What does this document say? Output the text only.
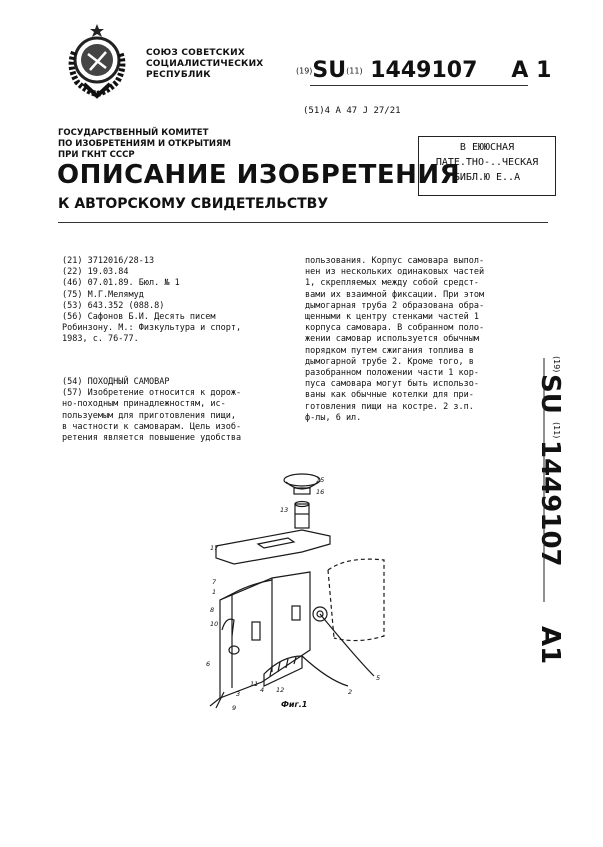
СОЮЗ СОВЕТСКИХ
СОЦИАЛИСТИЧЕСКИХ
РЕСПУБЛИК	(19)SU(11) 1449107 A 1
(51)4 A 47 J 27/21
ГОСУДАРСТВЕННЫЙ КОМИТЕТ
ПО ИЗОБРЕТЕНИЯМ И ОТКРЫТИЯМ
ПРИ ГКНТ СССР
В ЕЮЮСНАЯ
ПАТЕ.ТНО-..ЧЕСКАЯ
БИБЛ.Ю Е..А
ОПИСАНИЕ ИЗОБРЕТЕНИЯ
К АВТОРСКОМУ СВИДЕТЕЛЬСТВУ
(21) 3712016/28-13
(22) 19.03.84
(46) 07.01.89. Бюл. № 1
(75) М.Г.Мелямуд
(53) 643.352 (088.8)
(56) Сафонов Б.И. Десять писем
Робинзону. М.: Физкультура и спорт,
1983, с. 76-77.
(54) ПОХОДНЫЙ САМОВАР
(57) Изобретение относится к дорож-
но-походным принадлежностям, ис-
пользуемым для приготовления пищи,
в частности к самоварам. Цель изоб-
ретения является повышение удобства
пользования. Корпус самовара выпол-
нен из нескольких одинаковых частей
1, скрепляемых между собой средст-
вами их взаимной фиксации. При этом
дымогарная труба 2 образована обра-
щенными к центру стенками частей 1
корпуса самовара. В собранном поло-
жении самовар используется обычным
порядком путем сжигания топлива в
дымогарной трубе 2. Кроме того, в
разобранном положении части 1 кор-
пуса самовара могут быть использо-
ваны как обычные котелки для при-
готовления пищи на костре. 2 з.п.
ф-лы, 6 ил.
(19)
SU
(11)
1449107
A1
15
16
13
17
7
1
8
10
6
3
11
4 12
9
2
5
Фиг.1
